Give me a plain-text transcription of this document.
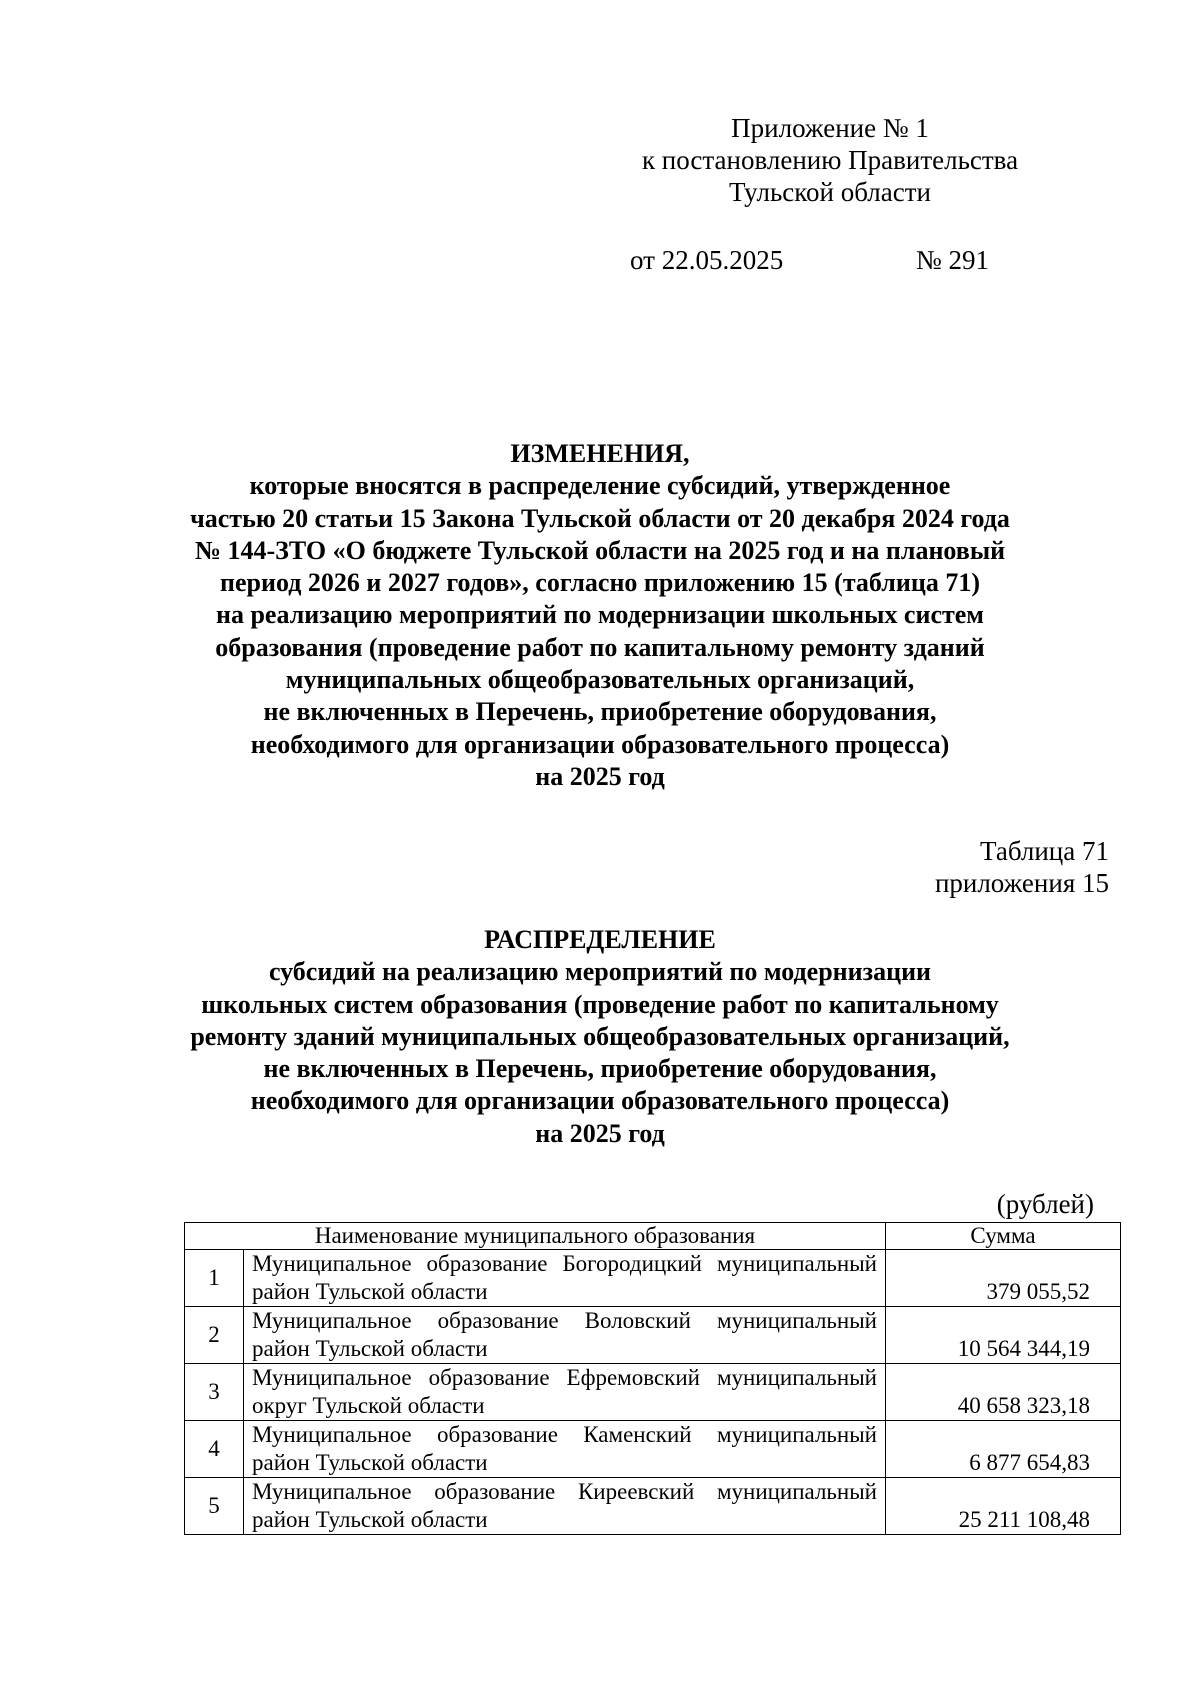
Приложение № 1
к постановлению Правительства
Тульской области
от 22.05.2025	№ 291
ИЗМЕНЕНИЯ,
которые вносятся в распределение субсидий, утвержденное
частью 20 статьи 15 Закона Тульской области от 20 декабря 2024 года
№ 144-ЗТО «О бюджете Тульской области на 2025 год и на плановый
период 2026 и 2027 годов», согласно приложению 15 (таблица 71)
на реализацию мероприятий по модернизации школьных систем
образования (проведение работ по капитальному ремонту зданий
муниципальных общеобразовательных организаций,
не включенных в Перечень, приобретение оборудования,
необходимого для организации образовательного процесса)
на 2025 год
Таблица 71
приложения 15
РАСПРЕДЕЛЕНИЕ
субсидий на реализацию мероприятий по модернизации
школьных систем образования (проведение работ по капитальному
ремонту зданий муниципальных общеобразовательных организаций,
не включенных в Перечень, приобретение оборудования,
необходимого для организации образовательного процесса)
на 2025 год
(рублей)
Наименование муниципального образования		Сумма
1	Муниципальное образование Богородицкий муниципальный
район Тульской области	379 055,52
2	Муниципальное образование Воловский муниципальный
район Тульской области	10 564 344,19
3	Муниципальное образование Ефремовский муниципальный
округ Тульской области	40 658 323,18
4	Муниципальное образование Каменский муниципальный
район Тульской области	6 877 654,83
5	Муниципальное образование Киреевский муниципальный
район Тульской области	25 211 108,48
